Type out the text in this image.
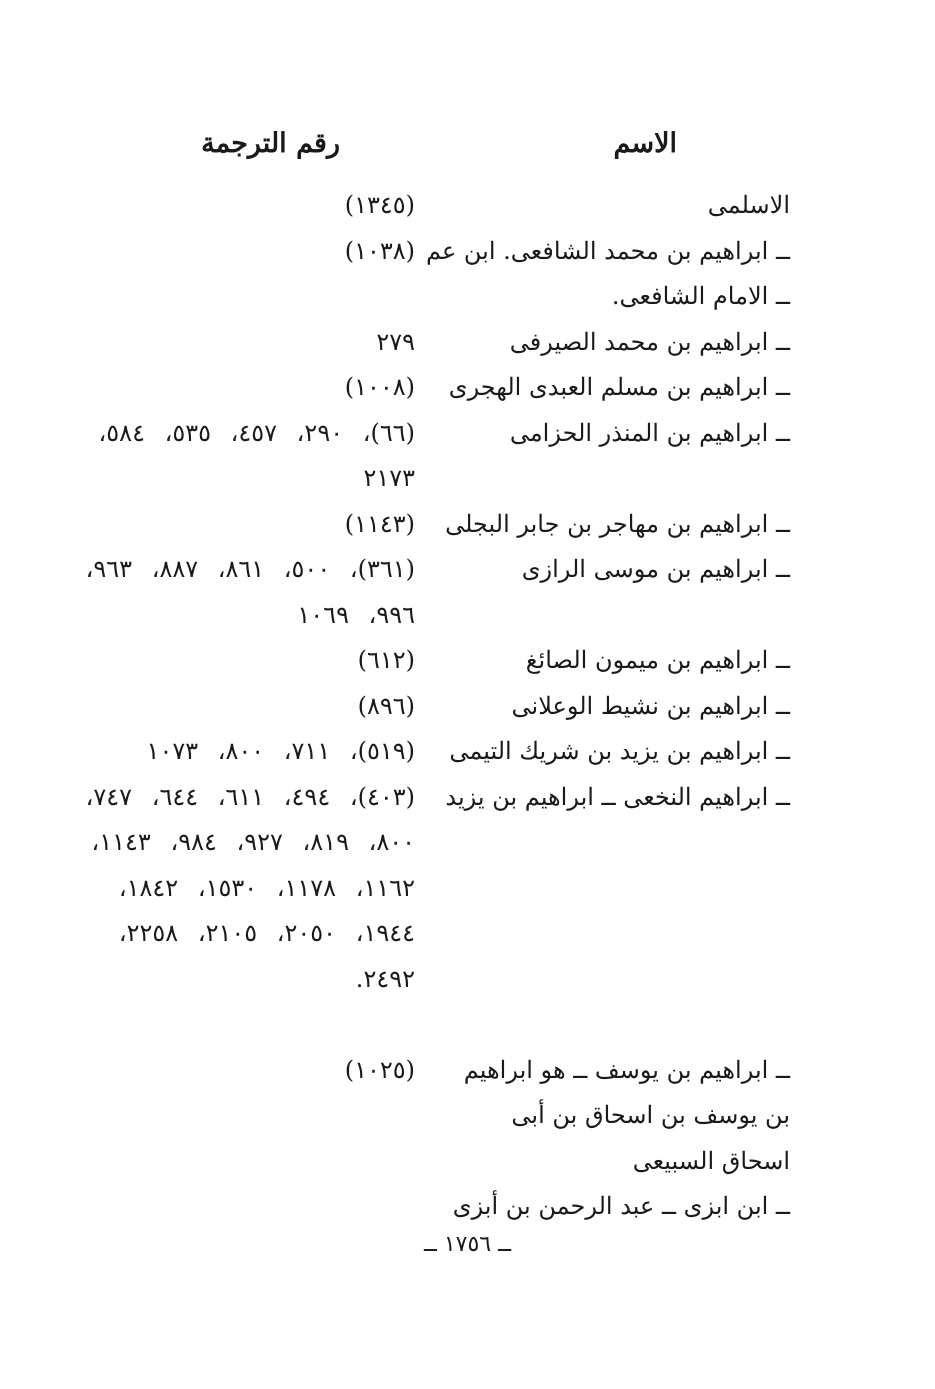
الاسم
رقم الترجمة
الاسلمى
(١٣٤٥)
ــ ابراهيم بن محمد الشافعى. ابن عم
(١٠٣٨)
ــ الامام الشافعى.
ــ ابراهيم بن محمد الصيرفى
٢٧٩
ــ ابراهيم بن مسلم العبدى الهجرى
(١٠٠٨)
ــ ابراهيم بن المنذر الحزامى
(٦٦)، ٢٩٠، ٤٥٧، ٥٣٥، ٥٨٤، ٢١٧٣
ــ ابراهيم بن مهاجر بن جابر البجلى
(١١٤٣)
ــ ابراهيم بن موسى الرازى
(٣٦١)، ٥٠٠، ٨٦١، ٨٨٧، ٩٦٣، ٩٩٦، ١٠٦٩
ــ ابراهيم بن ميمون الصائغ
(٦١٢)
ــ ابراهيم بن نشيط الوعلانى
(٨٩٦)
ــ ابراهيم بن يزيد بن شريك التيمى
(٥١٩)، ٧١١، ٨٠٠، ١٠٧٣
ــ ابراهيم النخعى ــ ابراهيم بن يزيد
(٤٠٣)، ٤٩٤، ٦١١، ٦٤٤، ٧٤٧، ٨٠٠، ٨١٩، ٩٢٧، ٩٨٤، ١١٤٣، ١١٦٢، ١١٧٨، ١٥٣٠، ١٨٤٢، ١٩٤٤، ٢٠٥٠، ٢١٠٥، ٢٢٥٨، ٢٤٩٢.
ــ ابراهيم بن يوسف ــ هو ابراهيم بن يوسف بن اسحاق بن أبى اسحاق السبيعى
(١٠٢٥)
ــ ابن ابزى ــ عبد الرحمن بن أبزى
ــ ١٧٥٦ ــ
